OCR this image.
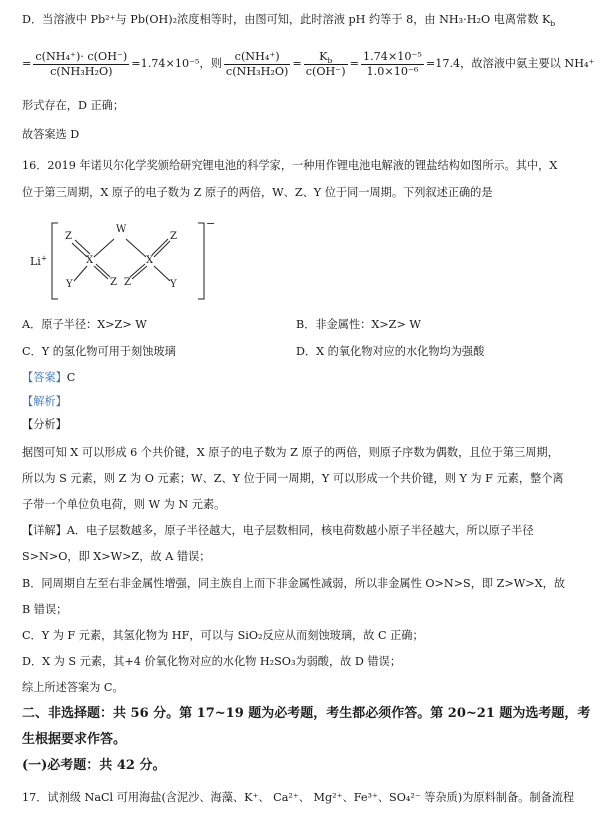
D．当溶液中 Pb²⁺与 Pb(OH)₂浓度相等时，由图可知，此时溶液 pH 约等于 8，由 NH₃·H₂O 电离常数 $K_b$
= $\frac{\text{c(NH₄⁺)· c(OH⁻)}}{\text{c(NH₃H₂O)}} =1.74\times 10^{-5}$，则 $\frac{\text{c(NH₄⁺)}}{\text{c(NH₃H₂O)}} = \frac{K_b}{c(OH^-)} = \frac{\text{1.74×10⁻⁵}}{\text{1.0×10⁻⁶}} =17.4$，故溶液中氨主要以 NH₄⁺
形式存在，D 正确；
故答案选 D
16．2019 年诺贝尔化学奖颁给研究锂电池的科学家，一种用作锂电池电解液的锂盐结构如图所示。其中，X
位于第三周期，X 原子的电子数为 Z 原子的两倍，W、Z、Y 位于同一周期。下列叙述正确的是
Li+
−
Z
W
Z
X	X
Y	Z Z	Y
A．原子半径：X>Z> W	B．非金属性：X>Z> W
C．Y 的氢化物可用于刻蚀玻璃	D．X 的氧化物对应的水化物均为强酸
【答案】C
【解析】
【分析】
据图可知 X 可以形成 6 个共价键，X 原子的电子数为 Z 原子的两倍，则原子序数为偶数，且位于第三周期，
所以为 S 元素，则 Z 为 O 元素；W、Z、Y 位于同一周期，Y 可以形成一个共价键，则 Y 为 F 元素，整个离
子带一个单位负电荷，则 W 为 N 元素。
【详解】A．电子层数越多，原子半径越大，电子层数相同，核电荷数越小原子半径越大，所以原子半径
S>N>O，即 X>W>Z，故 A 错误；
B．同周期自左至右非金属性增强，同主族自上而下非金属性减弱，所以非金属性 O>N>S，即 Z>W>X，故
B 错误；
C．Y 为 F 元素，其氢化物为 HF，可以与 SiO₂反应从而刻蚀玻璃，故 C 正确；
D．X 为 S 元素，其+4 价氧化物对应的水化物 H₂SO₃为弱酸，故 D 错误；
综上所述答案为 C。
二、非选择题：共 56 分。第 17~19 题为必考题，考生都必须作答。第 20~21 题为选考题，考
生根据要求作答。
(一)必考题：共 42 分。
17．试剂级 NaCl 可用海盐(含泥沙、海藻、K⁺、 Ca²⁺、 Mg²⁺、Fe³⁺、SO₄²⁻ 等杂质)为原料制备。制备流程
